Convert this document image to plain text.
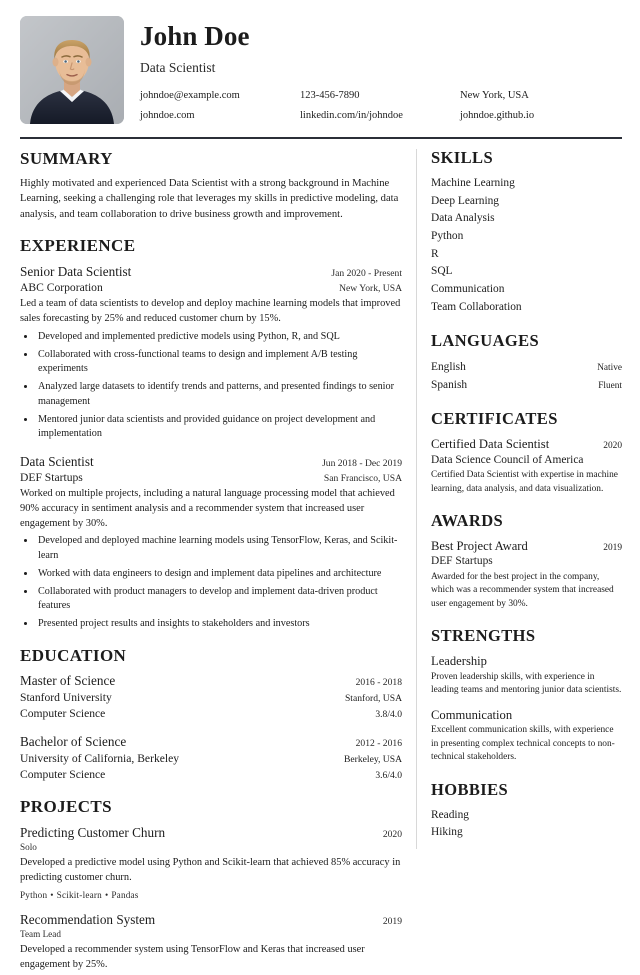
John Doe
Data Scientist
johndoe@example.com	123-456-7890	New York, USA
johndoe.com	linkedin.com/in/johndoe	johndoe.github.io
SUMMARY

Highly motivated and experienced Data Scientist with a strong background in Machine Learning, seeking a challenging role that leverages my skills in predictive modeling, data analysis, and team collaboration to drive business growth and improvement.

EXPERIENCE
Senior Data Scientist	Jan 2020 - Present
ABC Corporation	New York, USA

Led a team of data scientists to develop and deploy machine learning models that improved sales forecasting by 25% and reduced customer churn by 15%.

• Developed and implemented predictive models using Python, R, and SQL
• Collaborated with cross-functional teams to design and implement A/B testing experiments
• Analyzed large datasets to identify trends and patterns, and presented findings to senior management
• Mentored junior data scientists and provided guidance on project development and implementation
Data Scientist	Jun 2018 - Dec 2019
DEF Startups	San Francisco, USA

Worked on multiple projects, including a natural language processing model that achieved 90% accuracy in sentiment analysis and a recommender system that increased user engagement by 30%.

• Developed and deployed machine learning models using TensorFlow, Keras, and Scikit-learn
• Worked with data engineers to design and implement data pipelines and architecture
• Collaborated with product managers to develop and implement data-driven product features
• Presented project results and insights to stakeholders and investors
EDUCATION
Master of Science	2016 - 2018
Stanford University	Stanford, USA
Computer Science	3.8/4.0
Bachelor of Science	2012 - 2016
University of California, Berkeley	Berkeley, USA
Computer Science	3.6/4.0
PROJECTS
Predicting Customer Churn	2020
Solo

Developed a predictive model using Python and Scikit-learn that achieved 85% accuracy in predicting customer churn.

Python • Scikit-learn • Pandas
Recommendation System	2019
Team Lead

Developed a recommender system using TensorFlow and Keras that increased user engagement by 25%.

SKILLS
Machine Learning
Deep Learning
Data Analysis
Python
R
SQL
Communication
Team Collaboration
LANGUAGES
English	Native
Spanish	Fluent
CERTIFICATES
Certified Data Scientist	2020
Data Science Council of America
Certified Data Scientist with expertise in machine learning, data analysis, and data visualization.
AWARDS
Best Project Award	2019
DEF Startups
Awarded for the best project in the company, which was a recommender system that increased user engagement by 30%.
STRENGTHS
Leadership
Proven leadership skills, with experience in leading teams and mentoring junior data scientists.
Communication
Excellent communication skills, with experience in presenting complex technical concepts to non-technical stakeholders.
HOBBIES
Reading
Hiking
